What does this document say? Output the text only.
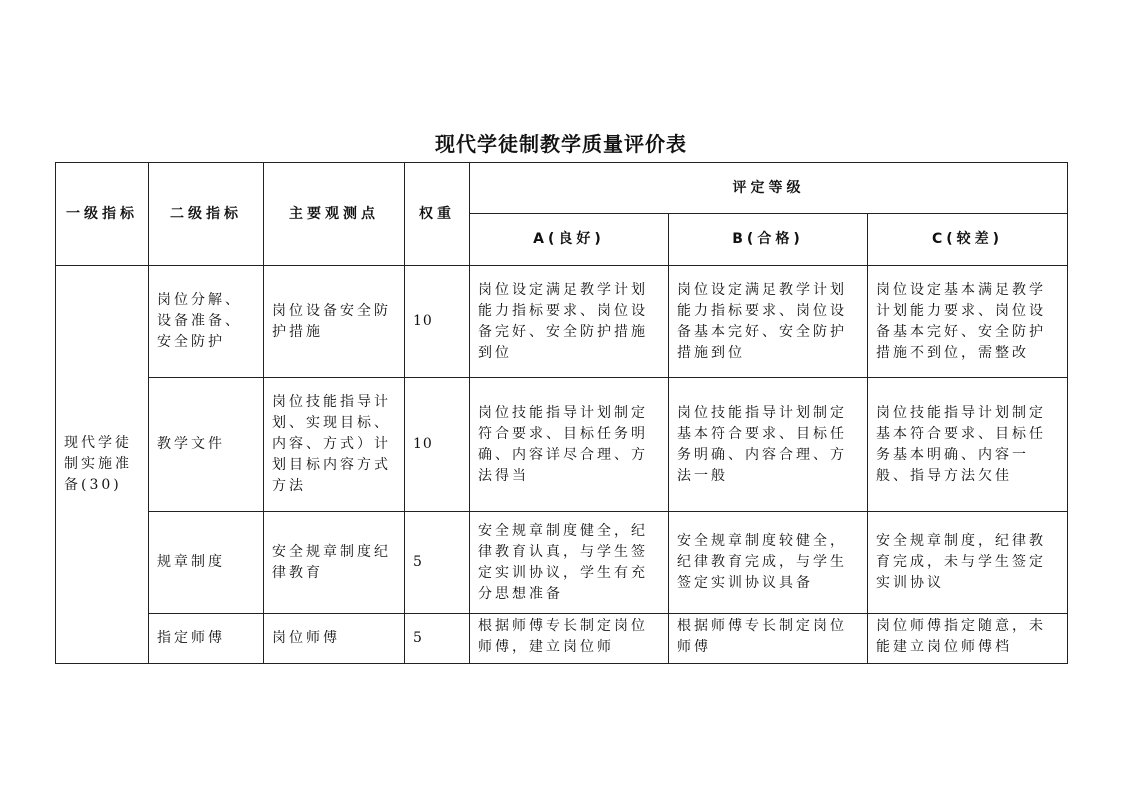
现代学徒制教学质量评价表
一级指标	二级指标	主要观测点	权重	评定等级		
				A(良好)	B(合格)	C(较差)
现代学徒制实施准备(30)	岗位分解、设备准备、安全防护	岗位设备安全防护措施	10	岗位设定满足教学计划能力指标要求、岗位设备完好、安全防护措施到位	岗位设定满足教学计划能力指标要求、岗位设备基本完好、安全防护措施到位	岗位设定基本满足教学计划能力要求、岗位设备基本完好、安全防护措施不到位，需整改
	教学文件	岗位技能指导计划、实现目标、内容、方式）计划目标内容方式方法	10	岗位技能指导计划制定符合要求、目标任务明确、内容详尽合理、方法得当	岗位技能指导计划制定基本符合要求、目标任务明确、内容合理、方法一般	岗位技能指导计划制定基本符合要求、目标任务基本明确、内容一般、指导方法欠佳
	规章制度	安全规章制度纪律教育	5	安全规章制度健全，纪律教育认真，与学生签定实训协议，学生有充分思想准备	安全规章制度较健全，纪律教育完成，与学生签定实训协议具备	安全规章制度，纪律教育完成，未与学生签定实训协议
	指定师傅	岗位师傅	5	根据师傅专长制定岗位师傅，建立岗位师	根据师傅专长制定岗位师傅	岗位师傅指定随意，未能建立岗位师傅档
